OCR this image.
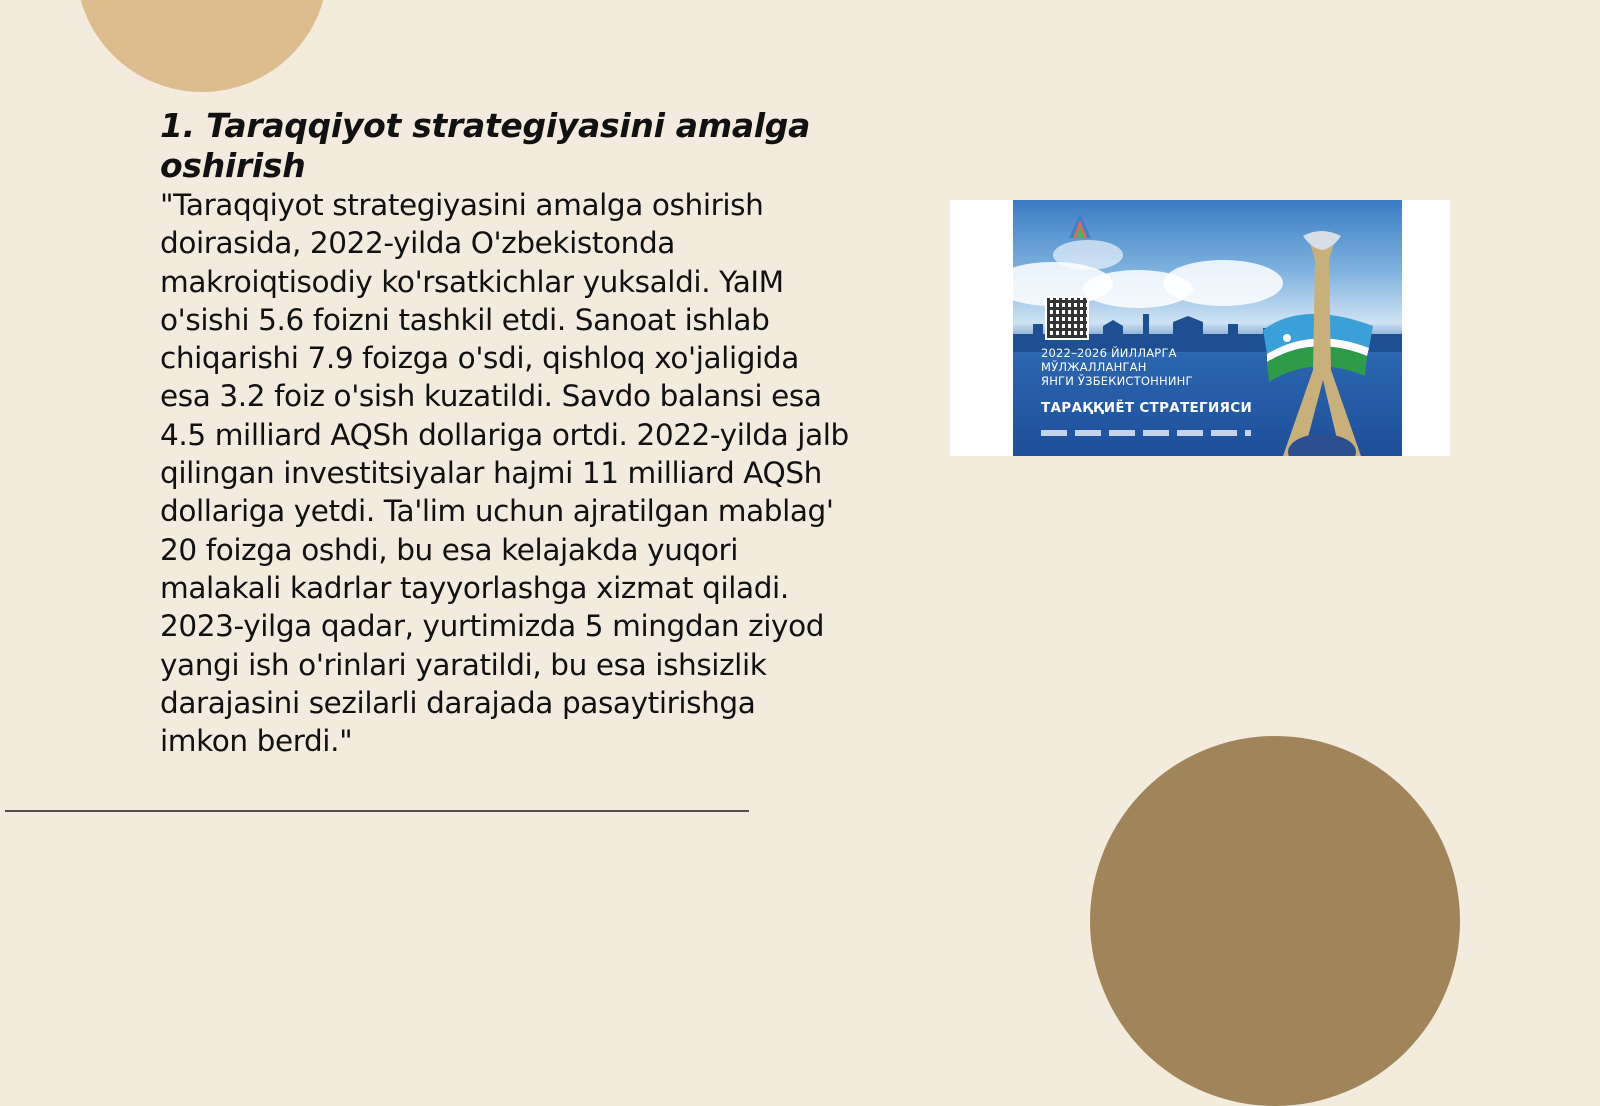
1. Taraqqiyot strategiyasini amalga oshirish

"Taraqqiyot strategiyasini amalga oshirish doirasida, 2022-yilda O'zbekistonda makroiqtisodiy ko'rsatkichlar yuksaldi. YaIM o'sishi 5.6 foizni tashkil etdi. Sanoat ishlab chiqarishi 7.9 foizga o'sdi, qishloq xo'jaligida esa 3.2 foiz o'sish kuzatildi. Savdo balansi esa 4.5 milliard AQSh dollariga ortdi. 2022-yilda jalb qilingan investitsiyalar hajmi 11 milliard AQSh dollariga yetdi. Ta'lim uchun ajratilgan mablag' 20 foizga oshdi, bu esa kelajakda yuqori malakali kadrlar tayyorlashga xizmat qiladi. 2023-yilga qadar, yurtimizda 5 mingdan ziyod yangi ish o'rinlari yaratildi, bu esa ishsizlik darajasini sezilarli darajada pasaytirishga imkon berdi."

2022–2026 ЙИЛЛАРГА
МЎЛЖАЛЛАНГАН
ЯНГИ ЎЗБЕКИСТОННИНГ
ТАРАҚҚИЁТ СТРАТЕГИЯСИ
